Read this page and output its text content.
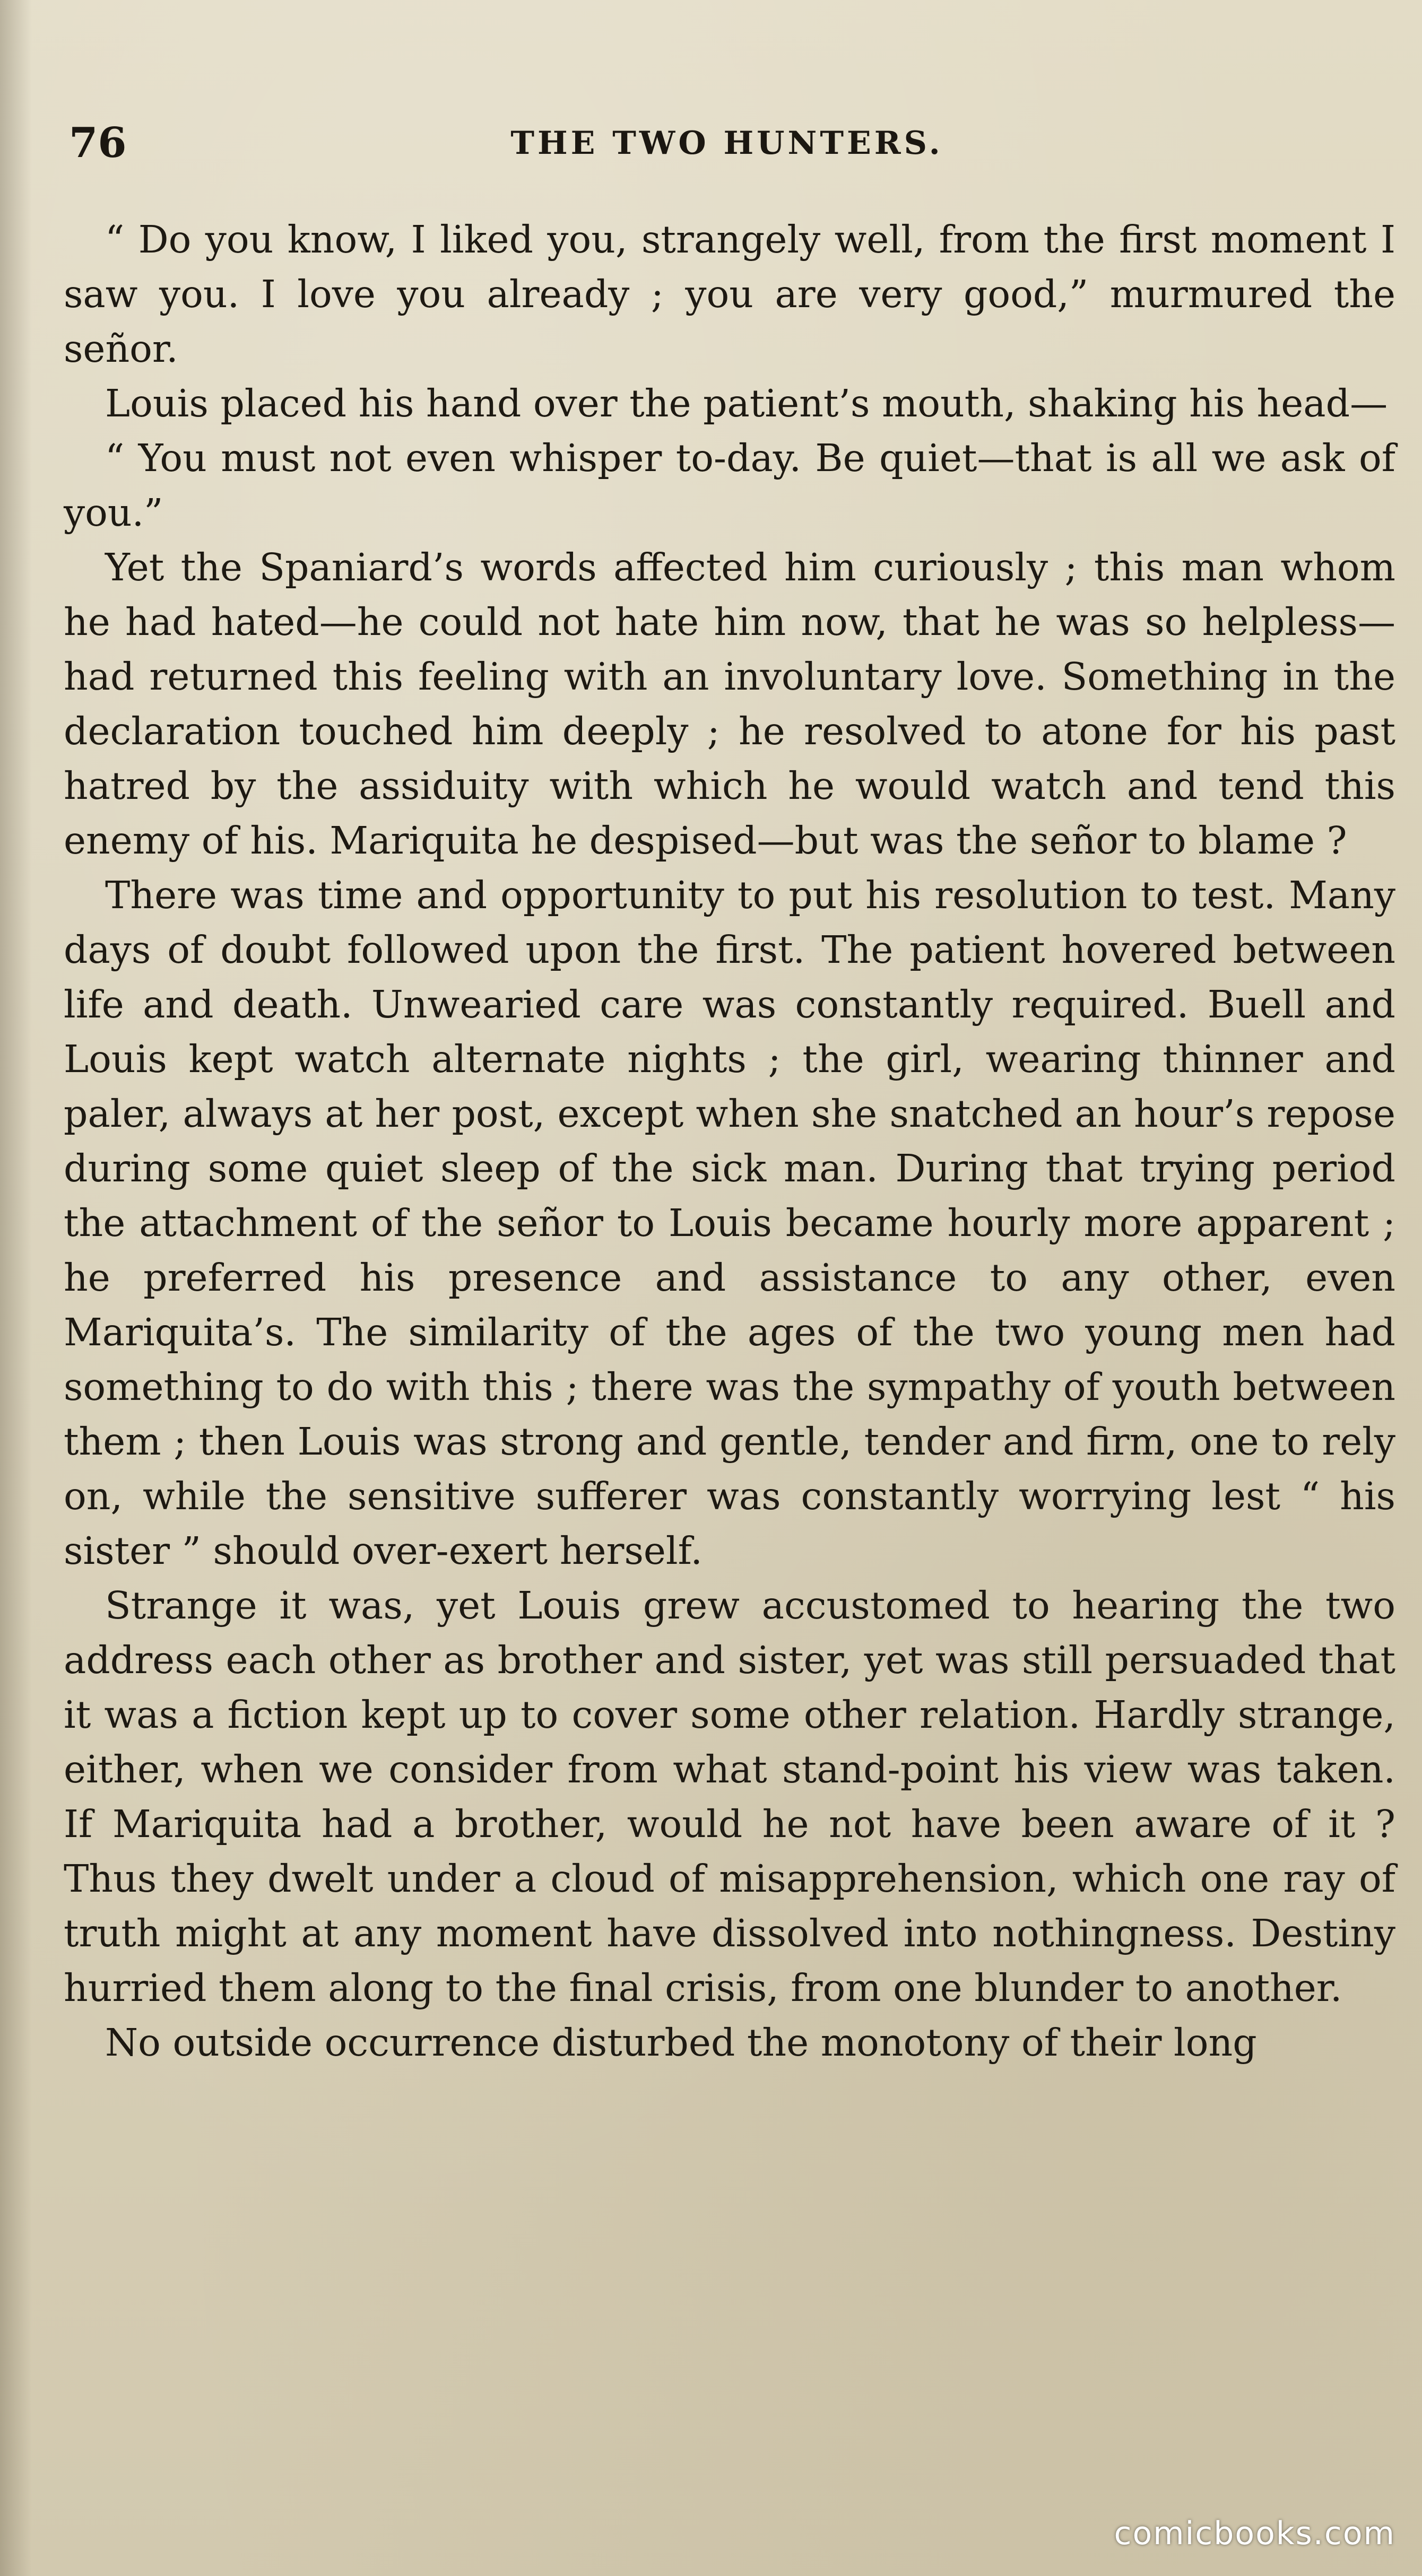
76	THE TWO HUNTERS.

“ Do you know, I liked you, strangely well, from the first moment I saw you. I love you already ; you are very good,” murmured the señor.

Louis placed his hand over the patient’s mouth, shaking his head—

“ You must not even whisper to-day. Be quiet—that is all we ask of you.”

Yet the Spaniard’s words affected him curiously ; this man whom he had hated—he could not hate him now, that he was so helpless—had returned this feeling with an involuntary love. Something in the declaration touched him deeply ; he resolved to atone for his past hatred by the assiduity with which he would watch and tend this enemy of his. Mariquita he despised—but was the señor to blame ?

There was time and opportunity to put his resolution to test. Many days of doubt followed upon the first. The patient hovered between life and death. Unwearied care was constantly required. Buell and Louis kept watch alternate nights ; the girl, wearing thinner and paler, always at her post, except when she snatched an hour’s repose during some quiet sleep of the sick man. During that trying period the attachment of the señor to Louis became hourly more apparent ; he preferred his presence and assistance to any other, even Mariquita’s. The similarity of the ages of the two young men had something to do with this ; there was the sympathy of youth between them ; then Louis was strong and gentle, tender and firm, one to rely on, while the sensitive sufferer was constantly worrying lest “ his sister ” should over-exert herself.

Strange it was, yet Louis grew accustomed to hearing the two address each other as brother and sister, yet was still persuaded that it was a fiction kept up to cover some other relation. Hardly strange, either, when we consider from what stand-point his view was taken. If Mariquita had a brother, would he not have been aware of it ? Thus they dwelt under a cloud of misapprehension, which one ray of truth might at any moment have dissolved into nothingness. Destiny hurried them along to the final crisis, from one blunder to another.

No outside occurrence disturbed the monotony of their long

comicbooks.com
